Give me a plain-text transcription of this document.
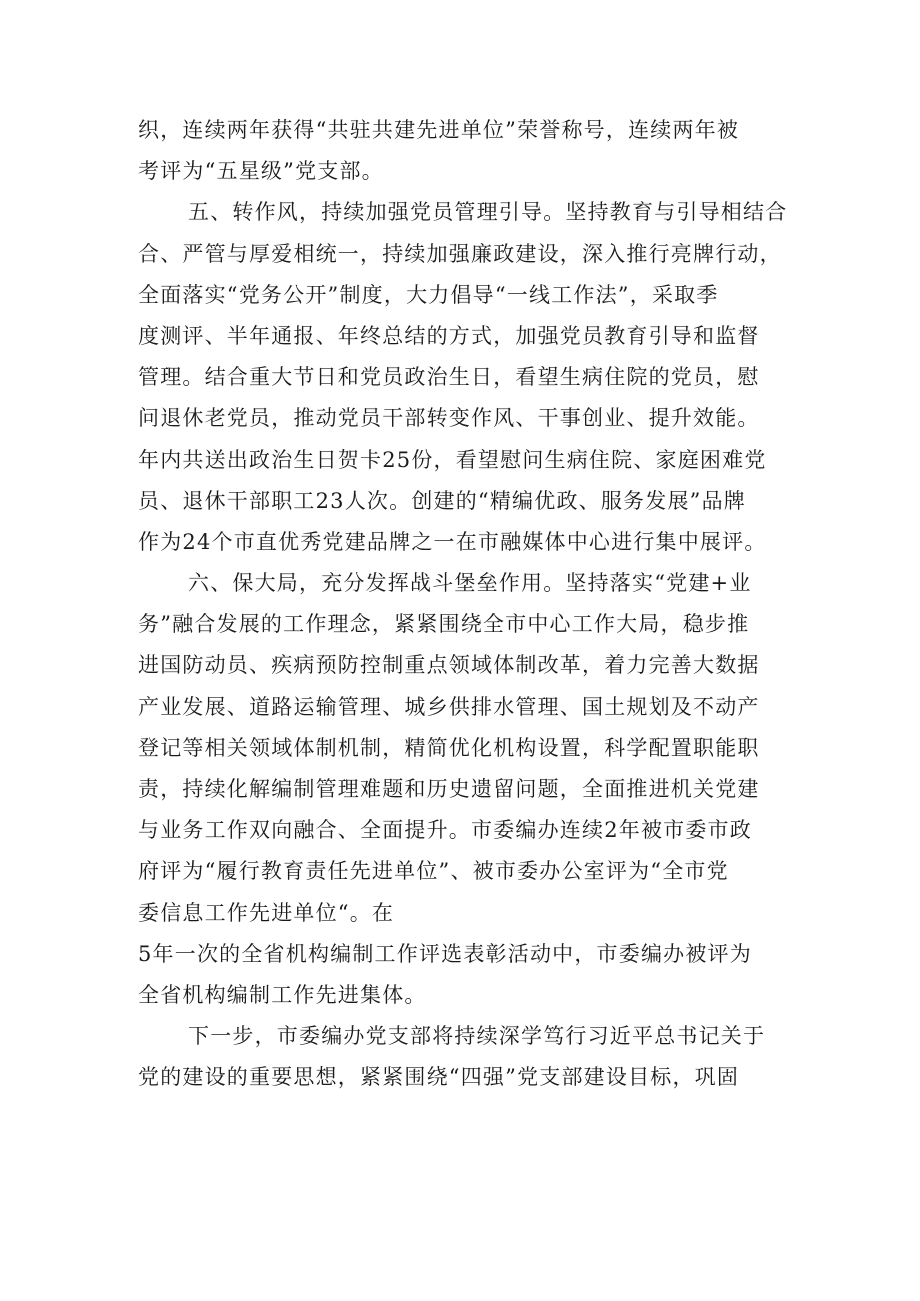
织，连续两年获得“共驻共建先进单位”荣誉称号，连续两年被
考评为“五星级”党支部。
五、转作风，持续加强党员管理引导。坚持教育与引导相结合
合、严管与厚爱相统一，持续加强廉政建设，深入推行亮牌行动，
全面落实“党务公开”制度，大力倡导“一线工作法”，采取季
度测评、半年通报、年终总结的方式，加强党员教育引导和监督
管理。结合重大节日和党员政治生日，看望生病住院的党员，慰
问退休老党员，推动党员干部转变作风、干事创业、提升效能。
年内共送出政治生日贺卡25份，看望慰问生病住院、家庭困难党
员、退休干部职工23人次。创建的“精编优政、服务发展”品牌
作为24个市直优秀党建品牌之一在市融媒体中心进行集中展评。
六、保大局，充分发挥战斗堡垒作用。坚持落实“党建+业
务”融合发展的工作理念，紧紧围绕全市中心工作大局，稳步推
进国防动员、疾病预防控制重点领域体制改革，着力完善大数据
产业发展、道路运输管理、城乡供排水管理、国土规划及不动产
登记等相关领域体制机制，精简优化机构设置，科学配置职能职
责，持续化解编制管理难题和历史遗留问题，全面推进机关党建
与业务工作双向融合、全面提升。市委编办连续2年被市委市政
府评为“履行教育责任先进单位”、被市委办公室评为“全市党
委信息工作先进单位“。在
5年一次的全省机构编制工作评选表彰活动中，市委编办被评为
全省机构编制工作先进集体。
下一步，市委编办党支部将持续深学笃行习近平总书记关于
党的建设的重要思想，紧紧围绕“四强”党支部建设目标，巩固
